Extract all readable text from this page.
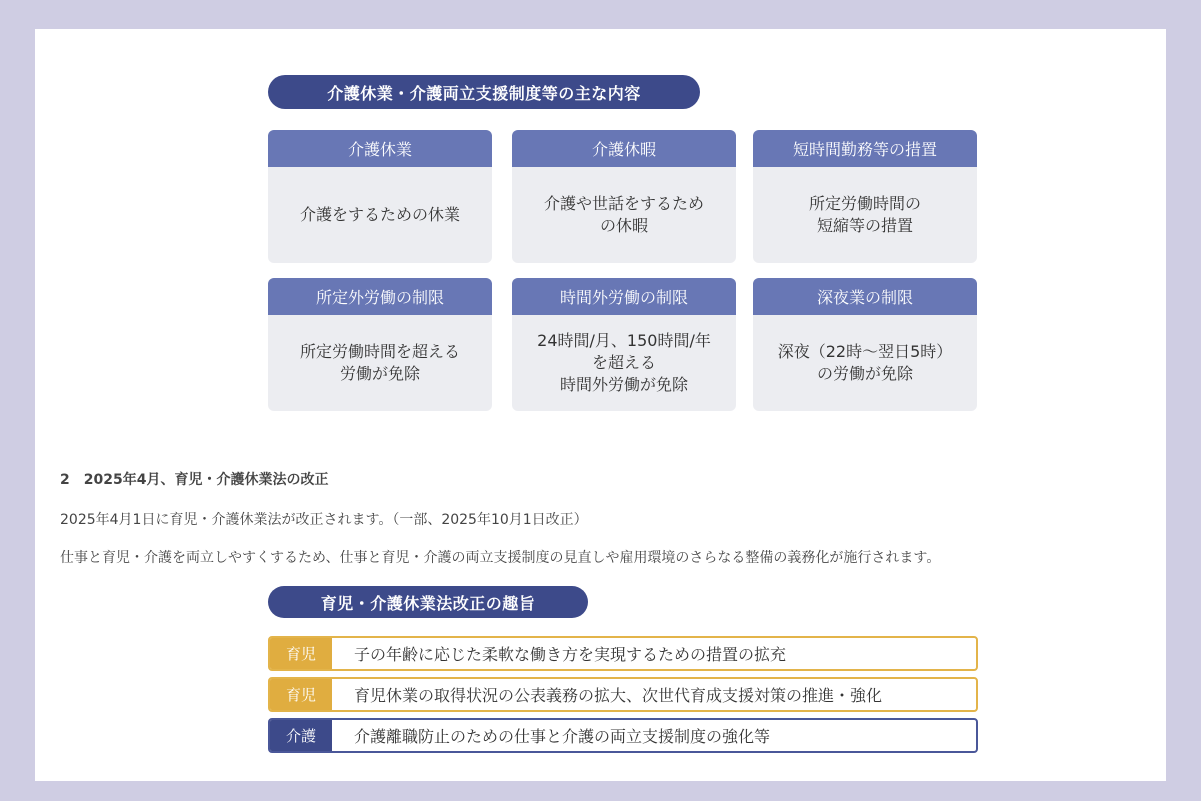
介護休業・介護両立支援制度等の主な内容
介護休業
介護をするための休業
介護休暇
介護や世話をするため
の休暇
短時間勤務等の措置
所定労働時間の
短縮等の措置
所定外労働の制限
所定労働時間を超える
労働が免除
時間外労働の制限
24時間/月、150時間/年
を超える
時間外労働が免除
深夜業の制限
深夜（22時～翌日5時）
の労働が免除
2 2025年4月、育児・介護休業法の改正
2025年4月1日に育児・介護休業法が改正されます。（一部、2025年10月1日改正）
仕事と育児・介護を両立しやすくするため、仕事と育児・介護の両立支援制度の見直しや雇用環境のさらなる整備の義務化が施行されます。
育児・介護休業法改正の趣旨
育児	子の年齢に応じた柔軟な働き方を実現するための措置の拡充
育児	育児休業の取得状況の公表義務の拡大、次世代育成支援対策の推進・強化
介護	介護離職防止のための仕事と介護の両立支援制度の強化等
